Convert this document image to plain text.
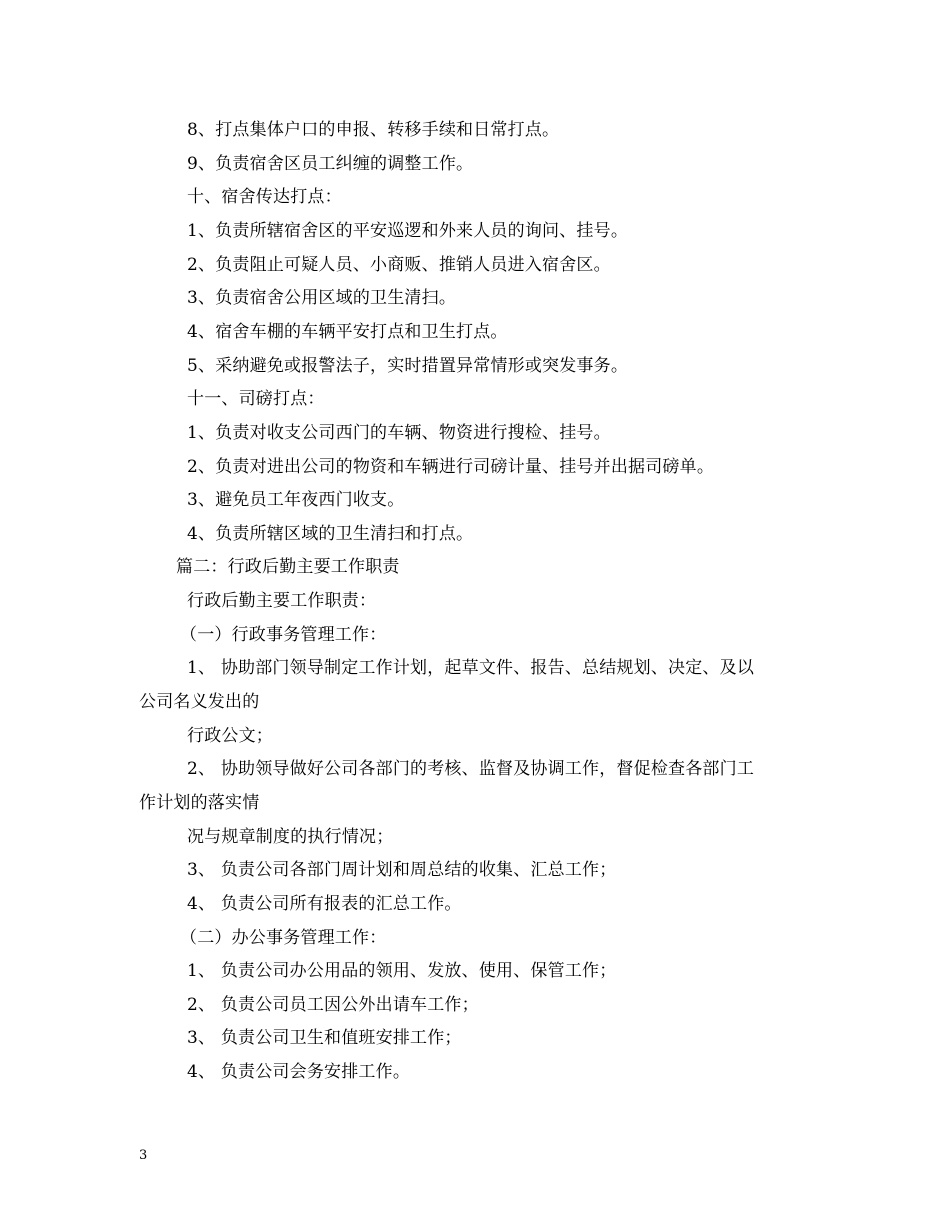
8、打点集体户口的申报、转移手续和日常打点。
9、负责宿舍区员工纠缠的调整工作。
十、宿舍传达打点：
1、负责所辖宿舍区的平安巡逻和外来人员的询问、挂号。
2、负责阻止可疑人员、小商贩、推销人员进入宿舍区。
3、负责宿舍公用区域的卫生清扫。
4、宿舍车棚的车辆平安打点和卫生打点。
5、采纳避免或报警法子，实时措置异常情形或突发事务。
十一、司磅打点：
1、负责对收支公司西门的车辆、物资进行搜检、挂号。
2、负责对进出公司的物资和车辆进行司磅计量、挂号并出据司磅单。
3、避免员工年夜西门收支。
4、负责所辖区域的卫生清扫和打点。
篇二：行政后勤主要工作职责
行政后勤主要工作职责：
（一）行政事务管理工作：
1、 协助部门领导制定工作计划，起草文件、报告、总结规划、决定、及以
公司名义发出的
行政公文；
2、 协助领导做好公司各部门的考核、监督及协调工作，督促检查各部门工
作计划的落实情
况与规章制度的执行情况；
3、 负责公司各部门周计划和周总结的收集、汇总工作；
4、 负责公司所有报表的汇总工作。
（二）办公事务管理工作：
1、 负责公司办公用品的领用、发放、使用、保管工作；
2、 负责公司员工因公外出请车工作；
3、 负责公司卫生和值班安排工作；
4、 负责公司会务安排工作。
3
